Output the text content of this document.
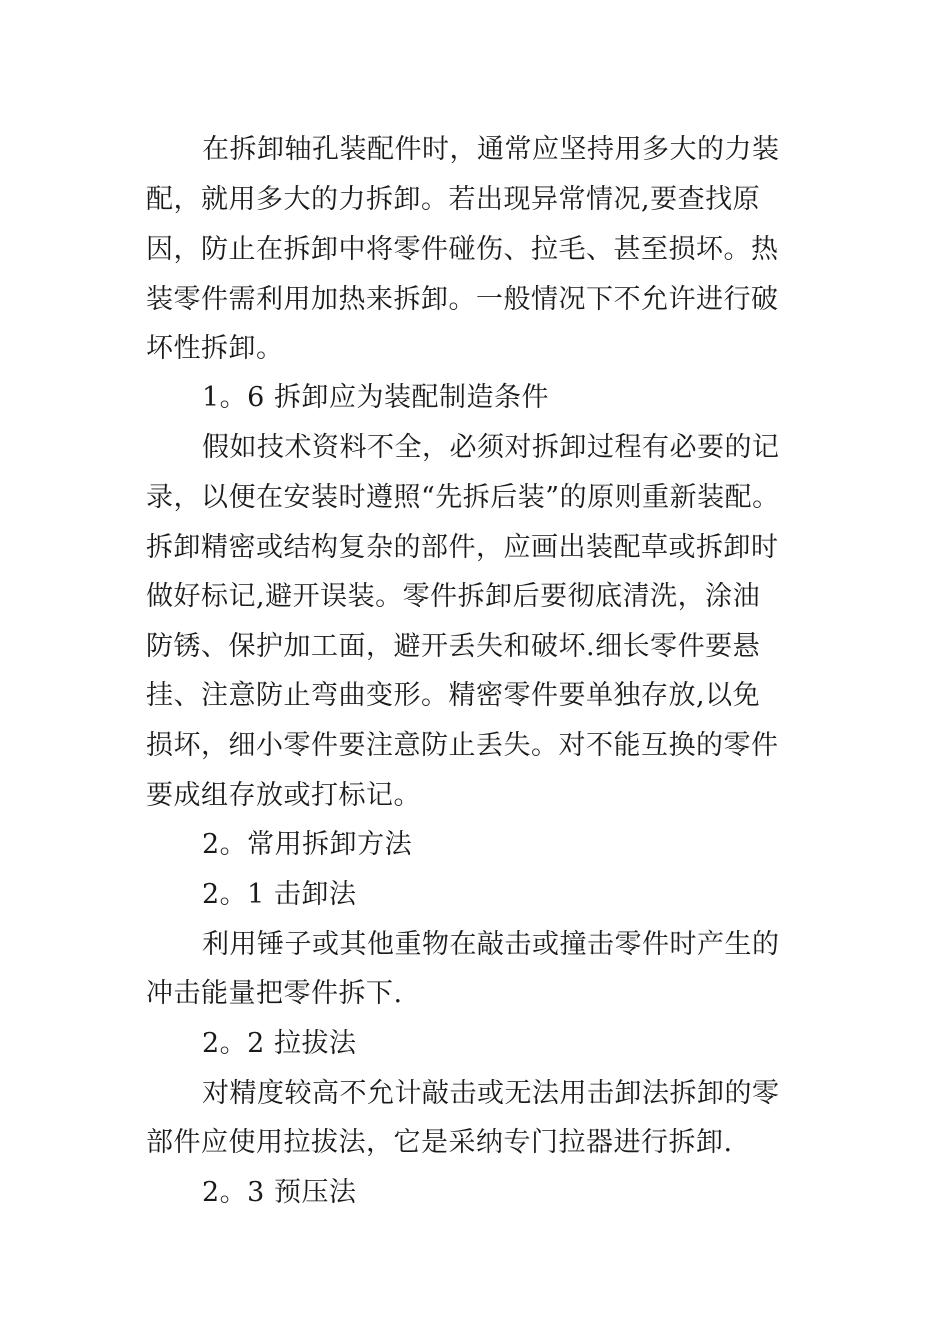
在拆卸轴孔装配件时，通常应坚持用多大的力装
配，就用多大的力拆卸。若出现异常情况,要查找原
因，防止在拆卸中将零件碰伤、拉毛、甚至损坏。热
装零件需利用加热来拆卸。一般情况下不允许进行破
坏性拆卸。
1。6 拆卸应为装配制造条件
假如技术资料不全，必须对拆卸过程有必要的记
录，以便在安装时遵照“先拆后装”的原则重新装配。
拆卸精密或结构复杂的部件，应画出装配草或拆卸时
做好标记,避开误装。零件拆卸后要彻底清洗，涂油
防锈、保护加工面，避开丢失和破坏.细长零件要悬
挂、注意防止弯曲变形。精密零件要单独存放,以免
损坏，细小零件要注意防止丢失。对不能互换的零件
要成组存放或打标记。
2。常用拆卸方法
2。1 击卸法
利用锤子或其他重物在敲击或撞击零件时产生的
冲击能量把零件拆下.
2。2 拉拔法
对精度较高不允计敲击或无法用击卸法拆卸的零
部件应使用拉拔法，它是采纳专门拉器进行拆卸.
2。3 预压法
